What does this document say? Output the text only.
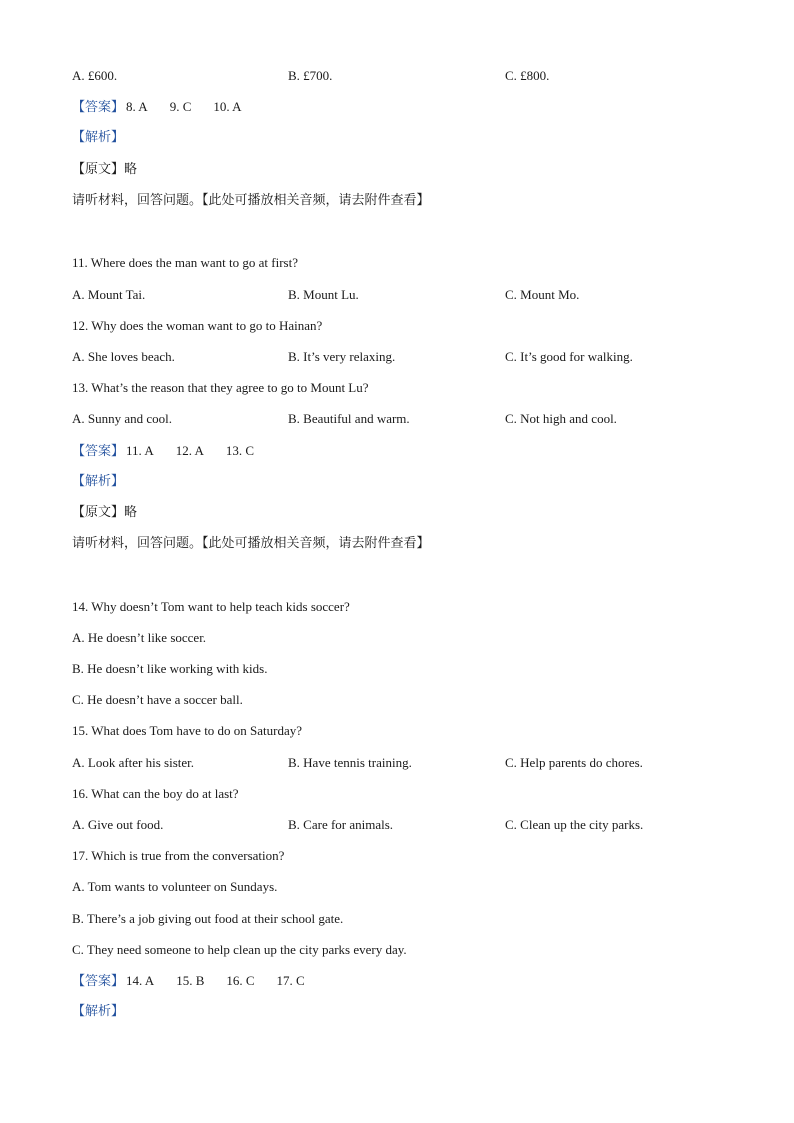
A. £600.	B. £700.	C. £800.
【答案】 8. A 9. C 10. A
【解析】
【原文】略
请听材料，回答问题。【此处可播放相关音频，请去附件查看】
11. Where does the man want to go at first?
A. Mount Tai.	B. Mount Lu.	C. Mount Mo.
12. Why does the woman want to go to Hainan?
A. She loves beach.	B. It’s very relaxing.	C. It’s good for walking.
13. What’s the reason that they agree to go to Mount Lu?
A. Sunny and cool.	B. Beautiful and warm.	C. Not high and cool.
【答案】 11. A 12. A 13. C
【解析】
【原文】略
请听材料，回答问题。【此处可播放相关音频，请去附件查看】
14. Why doesn’t Tom want to help teach kids soccer?
A. He doesn’t like soccer.
B. He doesn’t like working with kids.
C. He doesn’t have a soccer ball.
15. What does Tom have to do on Saturday?
A. Look after his sister.	B. Have tennis training.	C. Help parents do chores.
16. What can the boy do at last?
A. Give out food.	B. Care for animals.	C. Clean up the city parks.
17. Which is true from the conversation?
A. Tom wants to volunteer on Sundays.
B. There’s a job giving out food at their school gate.
C. They need someone to help clean up the city parks every day.
【答案】 14. A 15. B 16. C 17. C
【解析】
